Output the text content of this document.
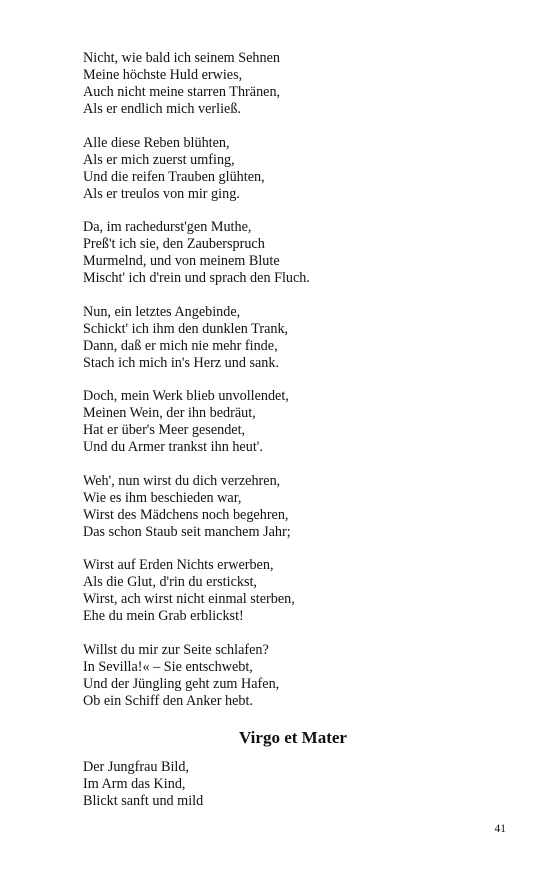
Nicht, wie bald ich seinem Sehnen
Meine höchste Huld erwies,
Auch nicht meine starren Thränen,
Als er endlich mich verließ.
Alle diese Reben blühten,
Als er mich zuerst umfing,
Und die reifen Trauben glühten,
Als er treulos von mir ging.
Da, im rachedurst'gen Muthe,
Preß't ich sie, den Zauberspruch
Murmelnd, und von meinem Blute
Mischt' ich d'rein und sprach den Fluch.
Nun, ein letztes Angebinde,
Schickt' ich ihm den dunklen Trank,
Dann, daß er mich nie mehr finde,
Stach ich mich in's Herz und sank.
Doch, mein Werk blieb unvollendet,
Meinen Wein, der ihn bedräut,
Hat er über's Meer gesendet,
Und du Armer trankst ihn heut'.
Weh', nun wirst du dich verzehren,
Wie es ihm beschieden war,
Wirst des Mädchens noch begehren,
Das schon Staub seit manchem Jahr;
Wirst auf Erden Nichts erwerben,
Als die Glut, d'rin du erstickst,
Wirst, ach wirst nicht einmal sterben,
Ehe du mein Grab erblickst!
Willst du mir zur Seite schlafen?
In Sevilla!« – Sie entschwebt,
Und der Jüngling geht zum Hafen,
Ob ein Schiff den Anker hebt.
Virgo et Mater
Der Jungfrau Bild,
Im Arm das Kind,
Blickt sanft und mild
41
